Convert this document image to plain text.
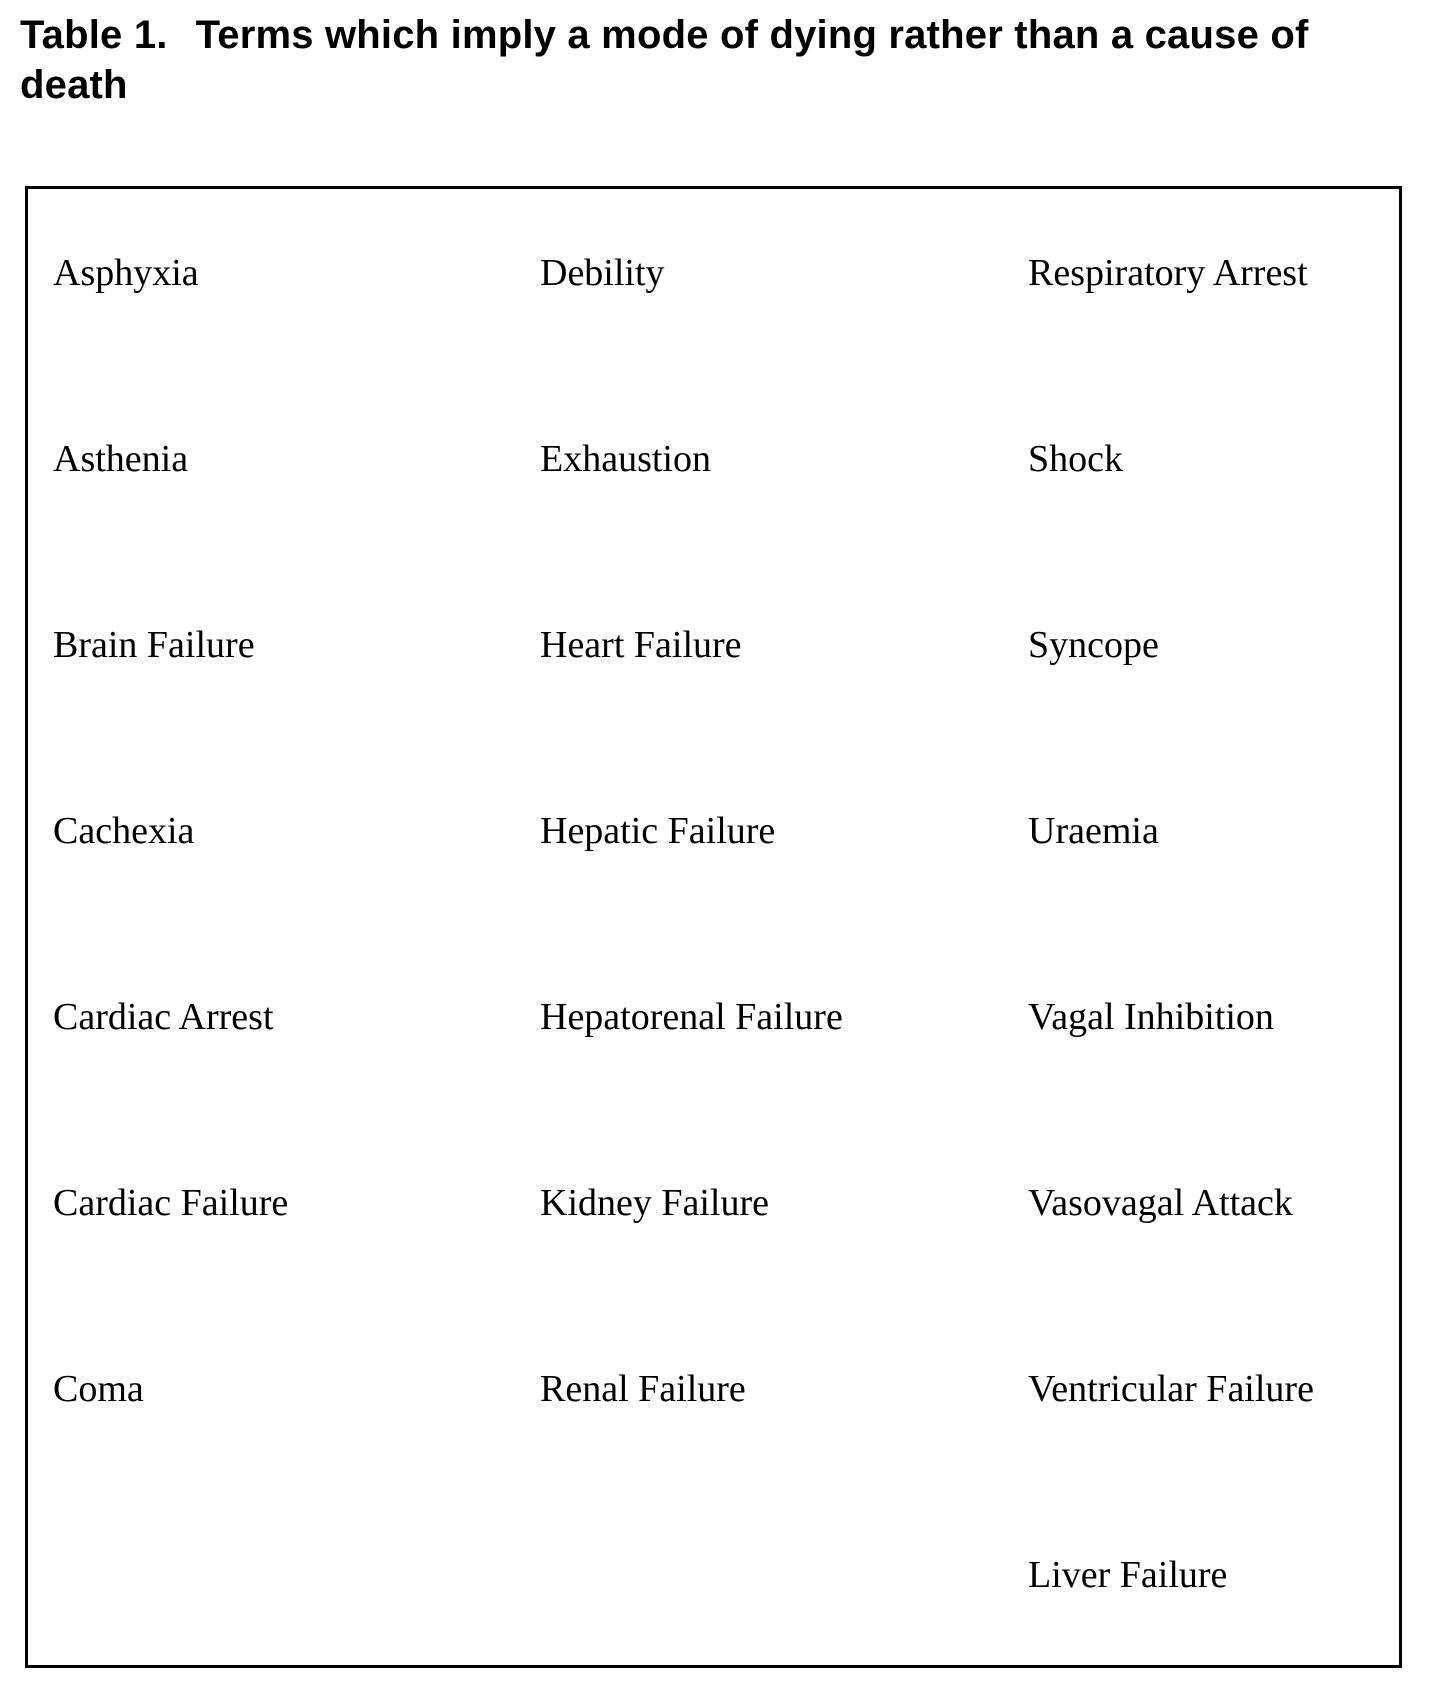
Table 1. Terms which imply a mode of dying rather than a cause of death
Asphyxia
Asthenia
Brain Failure
Cachexia
Cardiac Arrest
Cardiac Failure
Coma
Debility
Exhaustion
Heart Failure
Hepatic Failure
Hepatorenal Failure
Kidney Failure
Renal Failure
Respiratory Arrest
Shock
Syncope
Uraemia
Vagal Inhibition
Vasovagal Attack
Ventricular Failure
Liver Failure
